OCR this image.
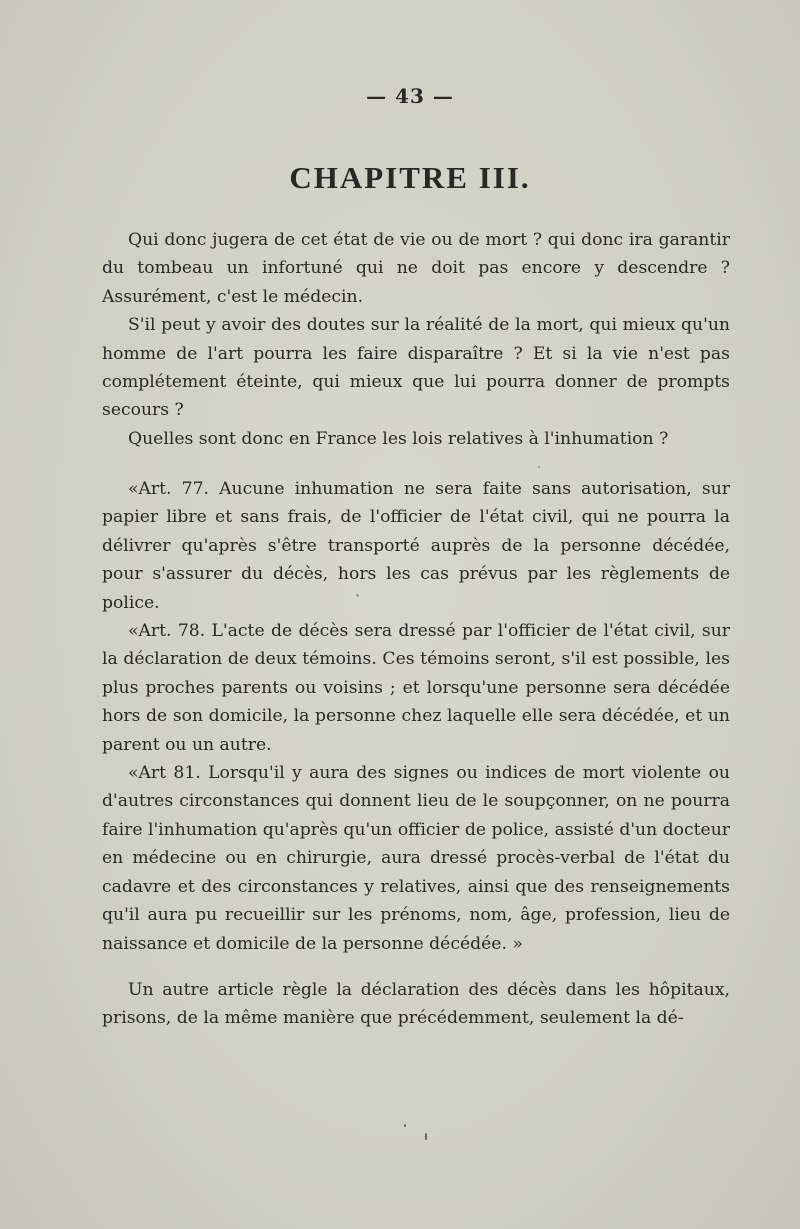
— 43 —
CHAPITRE III.

Qui donc jugera de cet état de vie ou de mort ? qui donc ira garantir du tombeau un infortuné qui ne doit pas encore y descendre ? Assurément, c'est le médecin.

S'il peut y avoir des doutes sur la réalité de la mort, qui mieux qu'un homme de l'art pourra les faire disparaître ? Et si la vie n'est pas complétement éteinte, qui mieux que lui pourra donner de prompts secours ?

Quelles sont donc en France les lois relatives à l'inhumation ?

«Art. 77. Aucune inhumation ne sera faite sans autorisation, sur papier libre et sans frais, de l'officier de l'état civil, qui ne pourra la délivrer qu'après s'être transporté auprès de la personne décédée, pour s'assurer du décès, hors les cas prévus par les règlements de police.

«Art. 78. L'acte de décès sera dressé par l'officier de l'état civil, sur la déclaration de deux témoins. Ces témoins seront, s'il est possible, les plus proches parents ou voisins ; et lorsqu'une personne sera décédée hors de son domicile, la personne chez laquelle elle sera décédée, et un parent ou un autre.

«Art 81. Lorsqu'il y aura des signes ou indices de mort violente ou d'autres circonstances qui donnent lieu de le soupçonner, on ne pourra faire l'inhumation qu'après qu'un officier de police, assisté d'un docteur en médecine ou en chirurgie, aura dressé procès-verbal de l'état du cadavre et des circonstances y relatives, ainsi que des renseignements qu'il aura pu recueillir sur les prénoms, nom, âge, profession, lieu de naissance et domicile de la personne décédée. »

Un autre article règle la déclaration des décès dans les hôpitaux, prisons, de la même manière que précédemment, seulement la dé-
